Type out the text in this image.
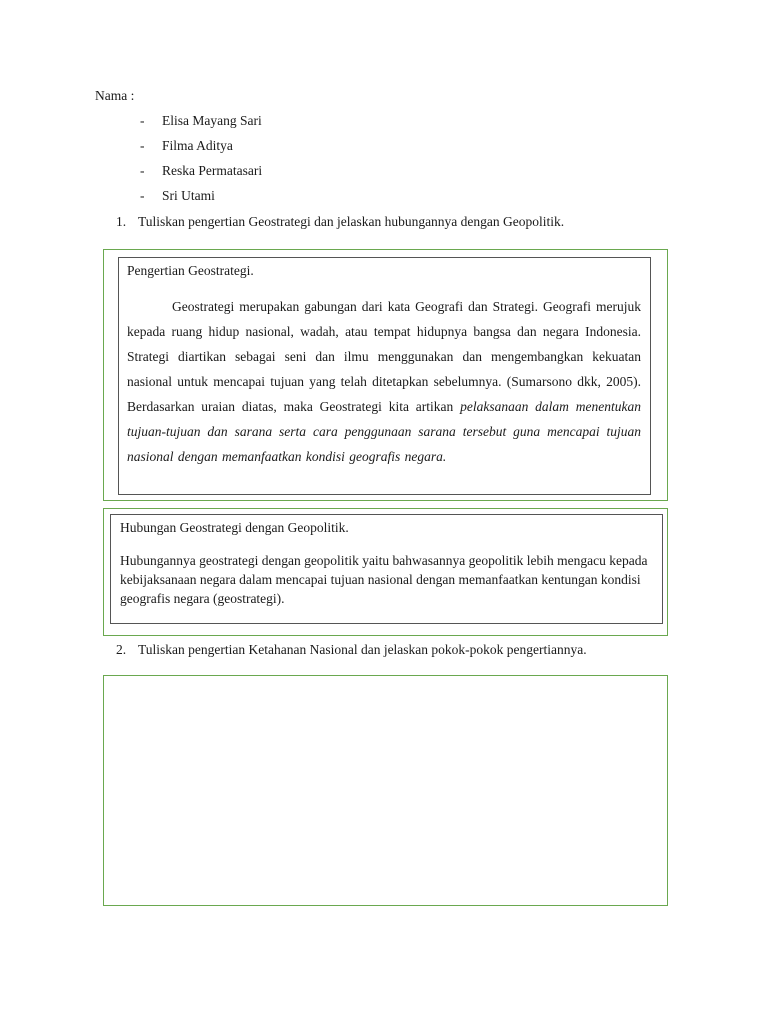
Nama :
- Elisa Mayang Sari
- Filma Aditya
- Reska Permatasari
- Sri Utami
1. Tuliskan pengertian Geostrategi dan jelaskan hubungannya dengan Geopolitik.
Pengertian Geostrategi.

Geostrategi merupakan gabungan dari kata Geografi dan Strategi. Geografi merujuk kepada ruang hidup nasional, wadah, atau tempat hidupnya bangsa dan negara Indonesia. Strategi diartikan sebagai seni dan ilmu menggunakan dan mengembangkan kekuatan nasional untuk mencapai tujuan yang telah ditetapkan sebelumnya. (Sumarsono dkk, 2005). Berdasarkan uraian diatas, maka Geostrategi kita artikan pelaksanaan dalam menentukan tujuan-tujuan dan sarana serta cara penggunaan sarana tersebut guna mencapai tujuan nasional dengan memanfaatkan kondisi geografis negara.

Hubungan Geostrategi dengan Geopolitik.

Hubungannya geostrategi dengan geopolitik yaitu bahwasannya geopolitik lebih mengacu kepada kebijaksanaan negara dalam mencapai tujuan nasional dengan memanfaatkan kentungan kondisi geografis negara (geostrategi).

2. Tuliskan pengertian Ketahanan Nasional dan jelaskan pokok-pokok pengertiannya.
